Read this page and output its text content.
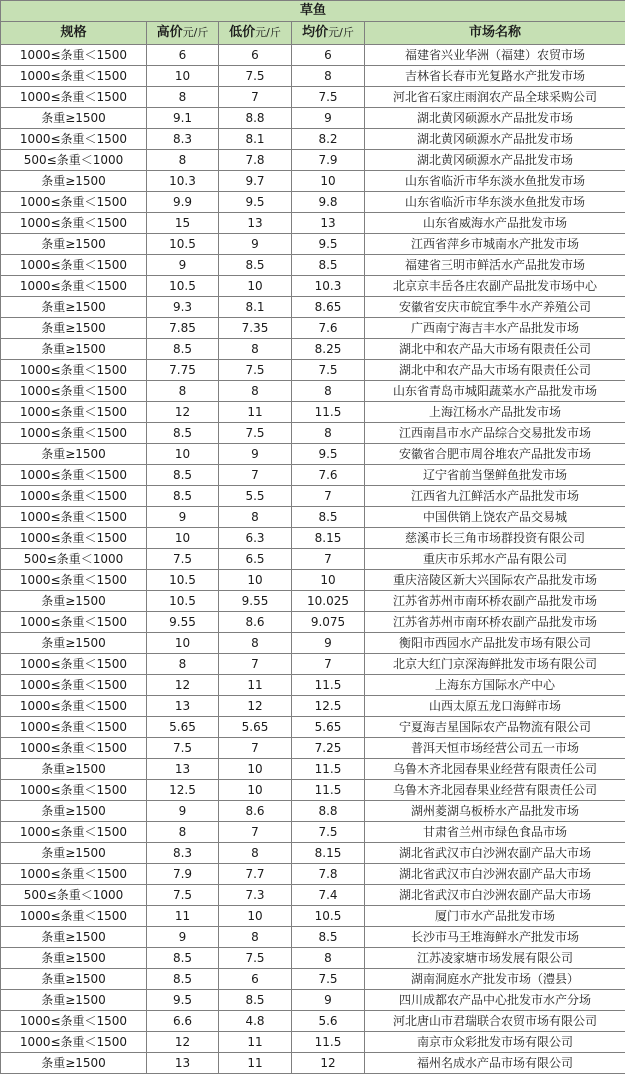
草鱼				
规格	高价元/斤	低价元/斤	均价元/斤	市场名称
1000≤条重＜1500	6	6	6	福建省兴业华洲（福建）农贸市场
1000≤条重＜1500	10	7.5	8	吉林省长春市光复路水产批发市场
1000≤条重＜1500	8	7	7.5	河北省石家庄雨润农产品全球采购公司
条重≥1500	9.1	8.8	9	湖北黄冈硕源水产品批发市场
1000≤条重＜1500	8.3	8.1	8.2	湖北黄冈硕源水产品批发市场
500≤条重＜1000	8	7.8	7.9	湖北黄冈硕源水产品批发市场
条重≥1500	10.3	9.7	10	山东省临沂市华东淡水鱼批发市场
1000≤条重＜1500	9.9	9.5	9.8	山东省临沂市华东淡水鱼批发市场
1000≤条重＜1500	15	13	13	山东省威海水产品批发市场
条重≥1500	10.5	9	9.5	江西省萍乡市城南水产批发市场
1000≤条重＜1500	9	8.5	8.5	福建省三明市鲜活水产品批发市场
1000≤条重＜1500	10.5	10	10.3	北京京丰岳各庄农副产品批发市场中心
条重≥1500	9.3	8.1	8.65	安徽省安庆市皖宜季牛水产养殖公司
条重≥1500	7.85	7.35	7.6	广西南宁海吉丰水产品批发市场
条重≥1500	8.5	8	8.25	湖北中和农产品大市场有限责任公司
1000≤条重＜1500	7.75	7.5	7.5	湖北中和农产品大市场有限责任公司
1000≤条重＜1500	8	8	8	山东省青岛市城阳蔬菜水产品批发市场
1000≤条重＜1500	12	11	11.5	上海江杨水产品批发市场
1000≤条重＜1500	8.5	7.5	8	江西南昌市水产品综合交易批发市场
条重≥1500	10	9	9.5	安徽省合肥市周谷堆农产品批发市场
1000≤条重＜1500	8.5	7	7.6	辽宁省前当堡鲜鱼批发市场
1000≤条重＜1500	8.5	5.5	7	江西省九江鲜活水产品批发市场
1000≤条重＜1500	9	8	8.5	中国供销上饶农产品交易城
1000≤条重＜1500	10	6.3	8.15	慈溪市长三角市场群投资有限公司
500≤条重＜1000	7.5	6.5	7	重庆市乐邦水产品有限公司
1000≤条重＜1500	10.5	10	10	重庆涪陵区新大兴国际农产品批发市场
条重≥1500	10.5	9.55	10.025	江苏省苏州市南环桥农副产品批发市场
1000≤条重＜1500	9.55	8.6	9.075	江苏省苏州市南环桥农副产品批发市场
条重≥1500	10	8	9	衡阳市西园水产品批发市场有限公司
1000≤条重＜1500	8	7	7	北京大红门京深海鲜批发市场有限公司
1000≤条重＜1500	12	11	11.5	上海东方国际水产中心
1000≤条重＜1500	13	12	12.5	山西太原五龙口海鲜市场
1000≤条重＜1500	5.65	5.65	5.65	宁夏海吉星国际农产品物流有限公司
1000≤条重＜1500	7.5	7	7.25	普洱天恒市场经营公司五一市场
条重≥1500	13	10	11.5	乌鲁木齐北园春果业经营有限责任公司
1000≤条重＜1500	12.5	10	11.5	乌鲁木齐北园春果业经营有限责任公司
条重≥1500	9	8.6	8.8	湖州菱湖乌板桥水产品批发市场
1000≤条重＜1500	8	7	7.5	甘肃省兰州市绿色食品市场
条重≥1500	8.3	8	8.15	湖北省武汉市白沙洲农副产品大市场
1000≤条重＜1500	7.9	7.7	7.8	湖北省武汉市白沙洲农副产品大市场
500≤条重＜1000	7.5	7.3	7.4	湖北省武汉市白沙洲农副产品大市场
1000≤条重＜1500	11	10	10.5	厦门市水产品批发市场
条重≥1500	9	8	8.5	长沙市马王堆海鲜水产批发市场
条重≥1500	8.5	7.5	8	江苏凌家塘市场发展有限公司
条重≥1500	8.5	6	7.5	湖南洞庭水产批发市场（澧县）
条重≥1500	9.5	8.5	9	四川成都农产品中心批发市水产分场
1000≤条重＜1500	6.6	4.8	5.6	河北唐山市君瑞联合农贸市场有限公司
1000≤条重＜1500	12	11	11.5	南京市众彩批发市场有限公司
条重≥1500	13	11	12	福州名成水产品市场有限公司
